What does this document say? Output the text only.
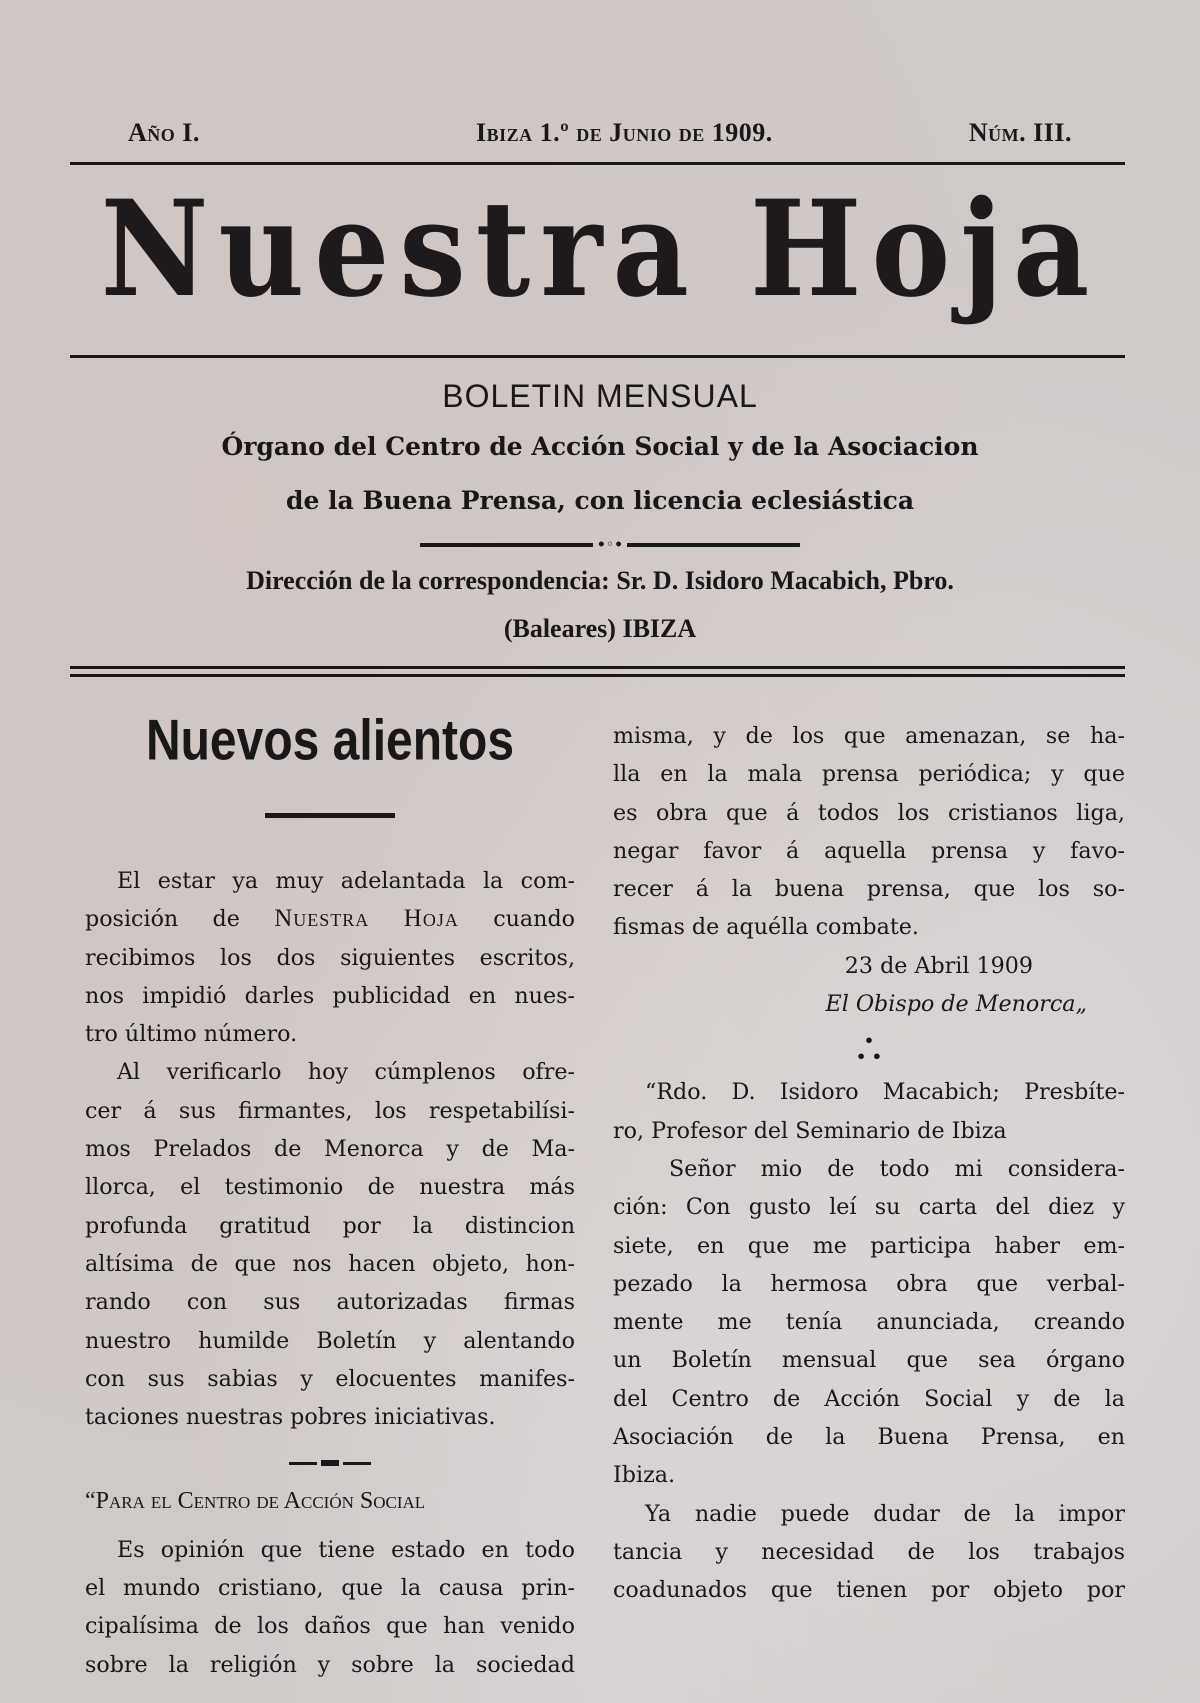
Año I.	Ibiza 1.º de Junio de 1909.	Núm. III.
Nuestra Hoja
BOLETIN MENSUAL
Órgano del Centro de Acción Social y de la Asociacion
de la Buena Prensa, con licencia eclesiástica
•◦•
Dirección de la correspondencia: Sr. D. Isidoro Macabich, Pbro.
(Baleares) IBIZA
Nuevos alientos

El estar ya muy adelantada la com-
posición de Nuestra Hoja cuando
recibimos los dos siguientes escritos,
nos impidió darles publicidad en nues-
tro último número.

Al verificarlo hoy cúmplenos ofre-
cer á sus firmantes, los respetabilísi-
mos Prelados de Menorca y de Ma-
llorca, el testimonio de nuestra más
profunda gratitud por la distincion
altísima de que nos hacen objeto, hon-
rando con sus autorizadas firmas
nuestro humilde Boletín y alentando
con sus sabias y elocuentes manifes-
taciones nuestras pobres iniciativas.

“Para el Centro de Acción Social

Es opinión que tiene estado en todo
el mundo cristiano, que la causa prin-
cipalísima de los daños que han venido
sobre la religión y sobre la sociedad

misma, y de los que amenazan, se ha-
lla en la mala prensa periódica; y que
es obra que á todos los cristianos liga,
negar favor á aquella prensa y favo-
recer á la buena prensa, que los so-
fismas de aquélla combate.

23 de Abril 1909
El Obispo de Menorca„
•
• •

“Rdo. D. Isidoro Macabich; Presbíte-
ro, Profesor del Seminario de Ibiza

Señor mio de todo mi considera-
ción: Con gusto leí su carta del diez y
siete, en que me participa haber em-
pezado la hermosa obra que verbal-
mente me tenía anunciada, creando
un Boletín mensual que sea órgano
del Centro de Acción Social y de la
Asociación de la Buena Prensa, en
Ibiza.

Ya nadie puede dudar de la impor
tancia y necesidad de los trabajos
coadunados que tienen por objeto por
